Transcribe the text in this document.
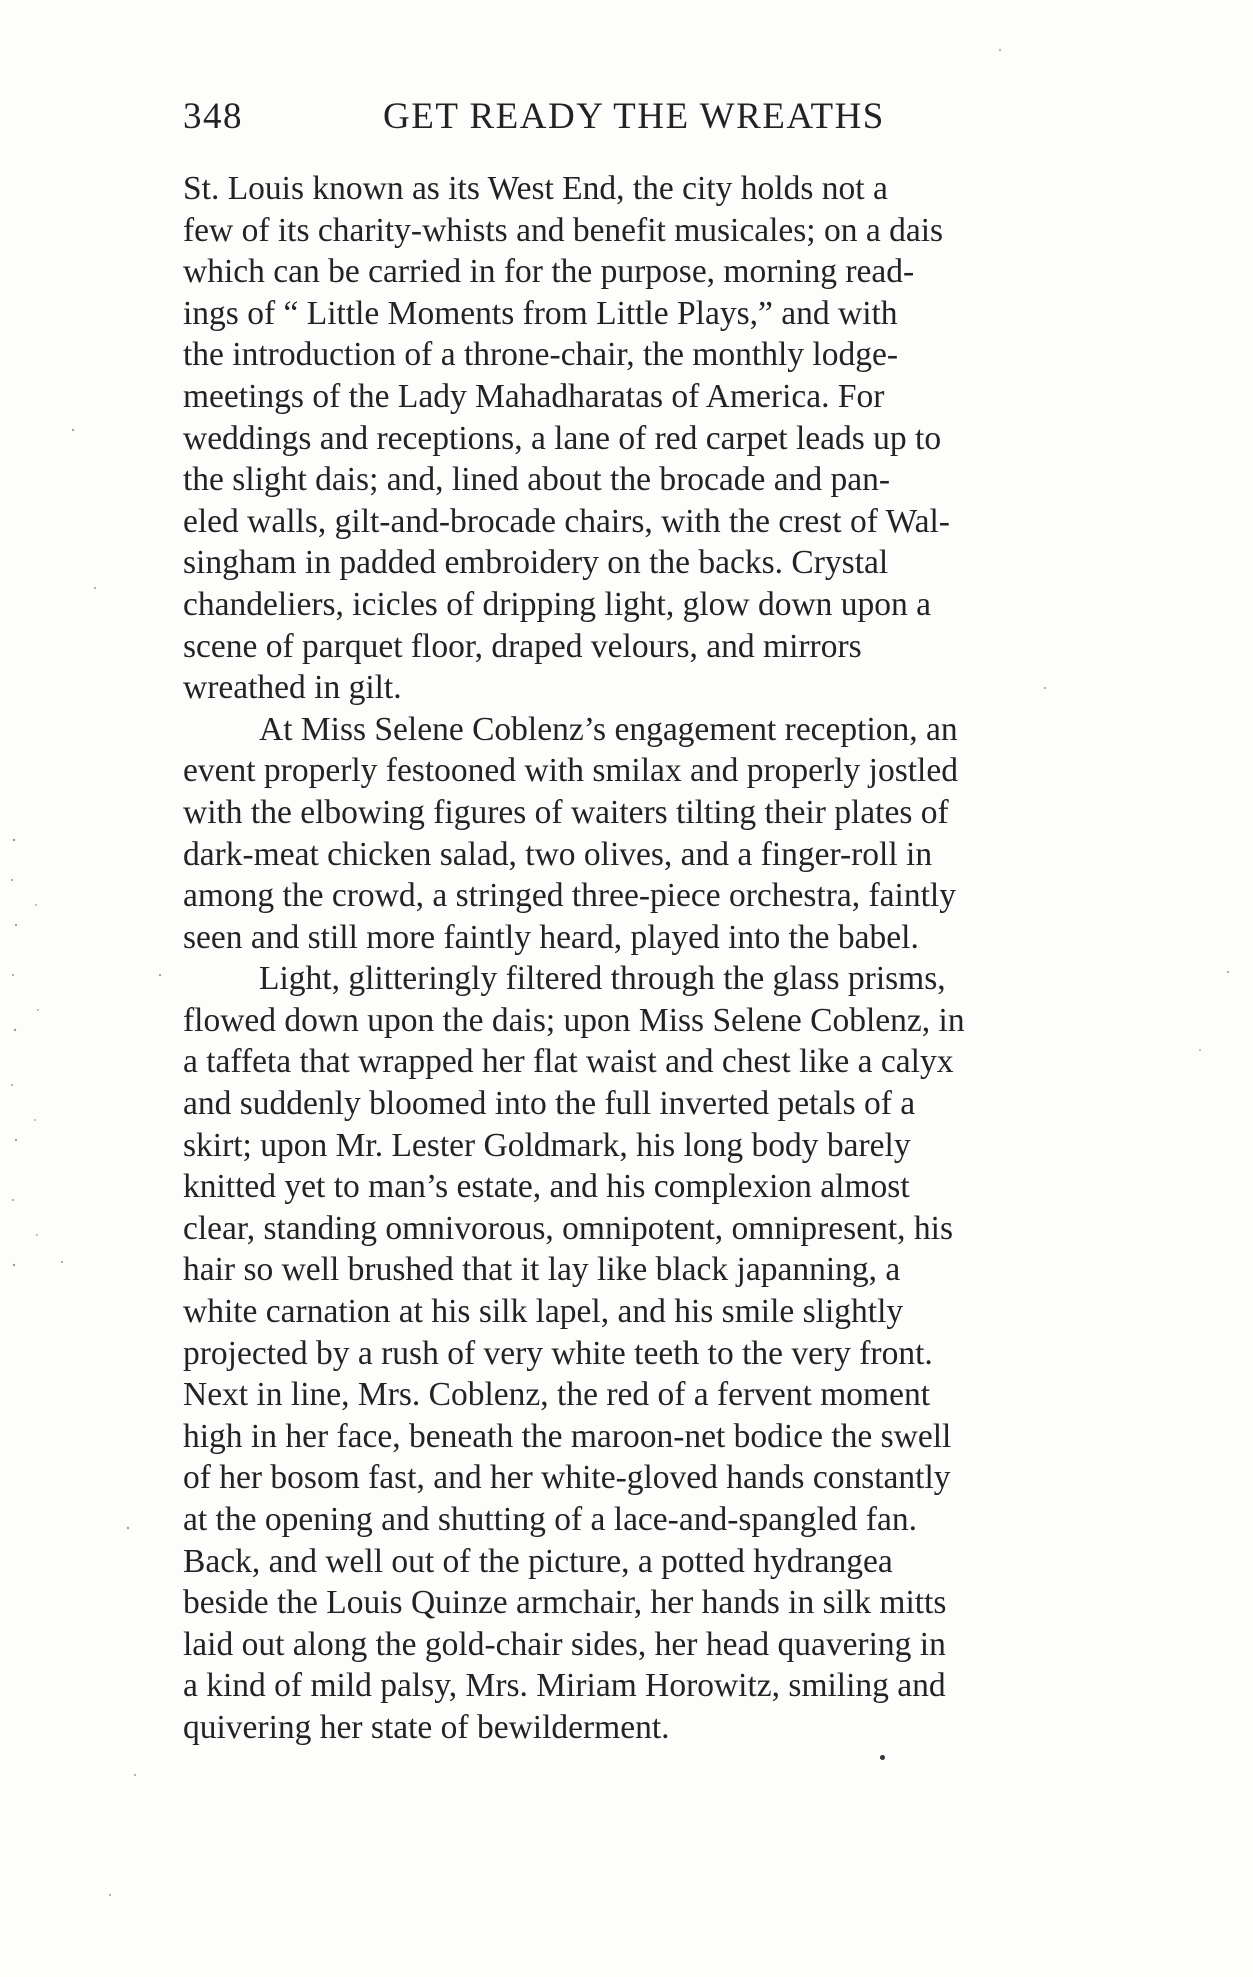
348	GET READY THE WREATHS
St. Louis known as its West End, the city holds not a
few of its charity-whists and benefit musicales; on a dais
which can be carried in for the purpose, morning read-
ings of “ Little Moments from Little Plays,” and with
the introduction of a throne-chair, the monthly lodge-
meetings of the Lady Mahadharatas of America. For
weddings and receptions, a lane of red carpet leads up to
the slight dais; and, lined about the brocade and pan-
eled walls, gilt-and-brocade chairs, with the crest of Wal-
singham in padded embroidery on the backs. Crystal
chandeliers, icicles of dripping light, glow down upon a
scene of parquet floor, draped velours, and mirrors
wreathed in gilt.
At Miss Selene Coblenz’s engagement reception, an
event properly festooned with smilax and properly jostled
with the elbowing figures of waiters tilting their plates of
dark-meat chicken salad, two olives, and a finger-roll in
among the crowd, a stringed three-piece orchestra, faintly
seen and still more faintly heard, played into the babel.
Light, glitteringly filtered through the glass prisms,
flowed down upon the dais; upon Miss Selene Coblenz, in
a taffeta that wrapped her flat waist and chest like a calyx
and suddenly bloomed into the full inverted petals of a
skirt; upon Mr. Lester Goldmark, his long body barely
knitted yet to man’s estate, and his complexion almost
clear, standing omnivorous, omnipotent, omnipresent, his
hair so well brushed that it lay like black japanning, a
white carnation at his silk lapel, and his smile slightly
projected by a rush of very white teeth to the very front.
Next in line, Mrs. Coblenz, the red of a fervent moment
high in her face, beneath the maroon-net bodice the swell
of her bosom fast, and her white-gloved hands constantly
at the opening and shutting of a lace-and-spangled fan.
Back, and well out of the picture, a potted hydrangea
beside the Louis Quinze armchair, her hands in silk mitts
laid out along the gold-chair sides, her head quavering in
a kind of mild palsy, Mrs. Miriam Horowitz, smiling and
quivering her state of bewilderment.
